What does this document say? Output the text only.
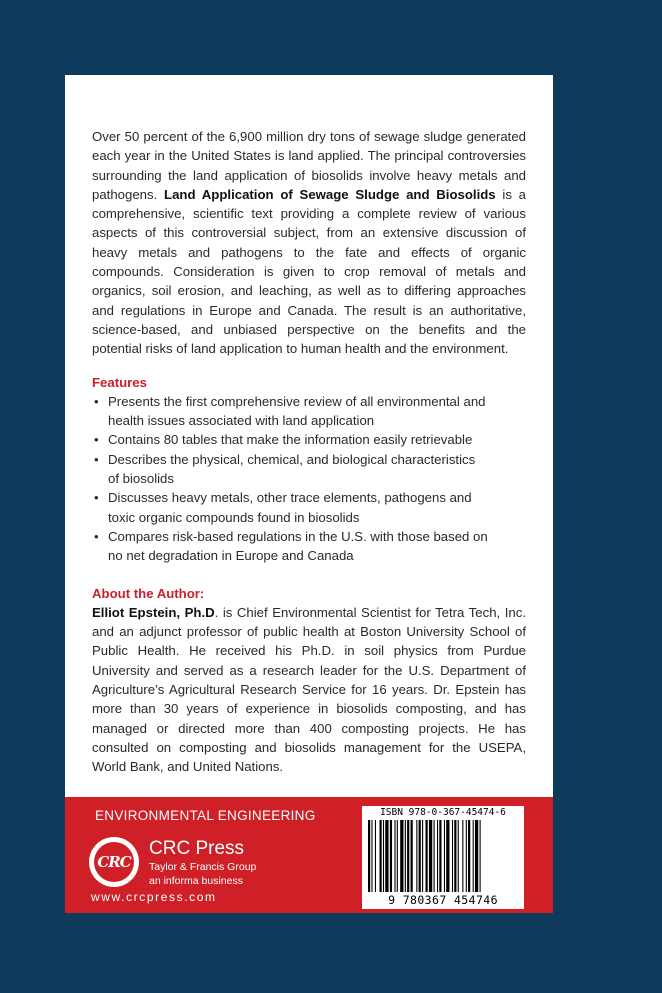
Over 50 percent of the 6,900 million dry tons of sewage sludge generated each year in the United States is land applied. The principal controversies surrounding the land application of biosolids involve heavy metals and pathogens. Land Application of Sewage Sludge and Biosolids is a comprehensive, scientific text providing a complete review of various aspects of this controversial subject, from an extensive discussion of heavy metals and pathogens to the fate and effects of organic compounds. Consideration is given to crop removal of metals and organics, soil erosion, and leaching, as well as to differing approaches and regulations in Europe and Canada. The result is an authoritative, science-based, and unbiased perspective on the benefits and the potential risks of land application to human health and the environment.

Features

• Presents the first comprehensive review of all environmental and health issues associated with land application
• Contains 80 tables that make the information easily retrievable
• Describes the physical, chemical, and biological characteristics of biosolids
• Discusses heavy metals, other trace elements, pathogens and toxic organic compounds found in biosolids
• Compares risk-based regulations in the U.S. with those based on no net degradation in Europe and Canada

About the Author:

Elliot Epstein, Ph.D. is Chief Environmental Scientist for Tetra Tech, Inc. and an adjunct professor of public health at Boston University School of Public Health. He received his Ph.D. in soil physics from Purdue University and served as a research leader for the U.S. Department of Agriculture’s Agricultural Research Service for 16 years. Dr. Epstein has more than 30 years of experience in biosolids composting, and has managed or directed more than 400 composting projects. He has consulted on composting and biosolids management for the USEPA, World Bank, and United Nations.

ENVIRONMENTAL ENGINEERING
CRC
CRC Press
Taylor & Francis Group
an informa business
www.crcpress.com
ISBN 978-0-367-45474-6
9 780367 454746
